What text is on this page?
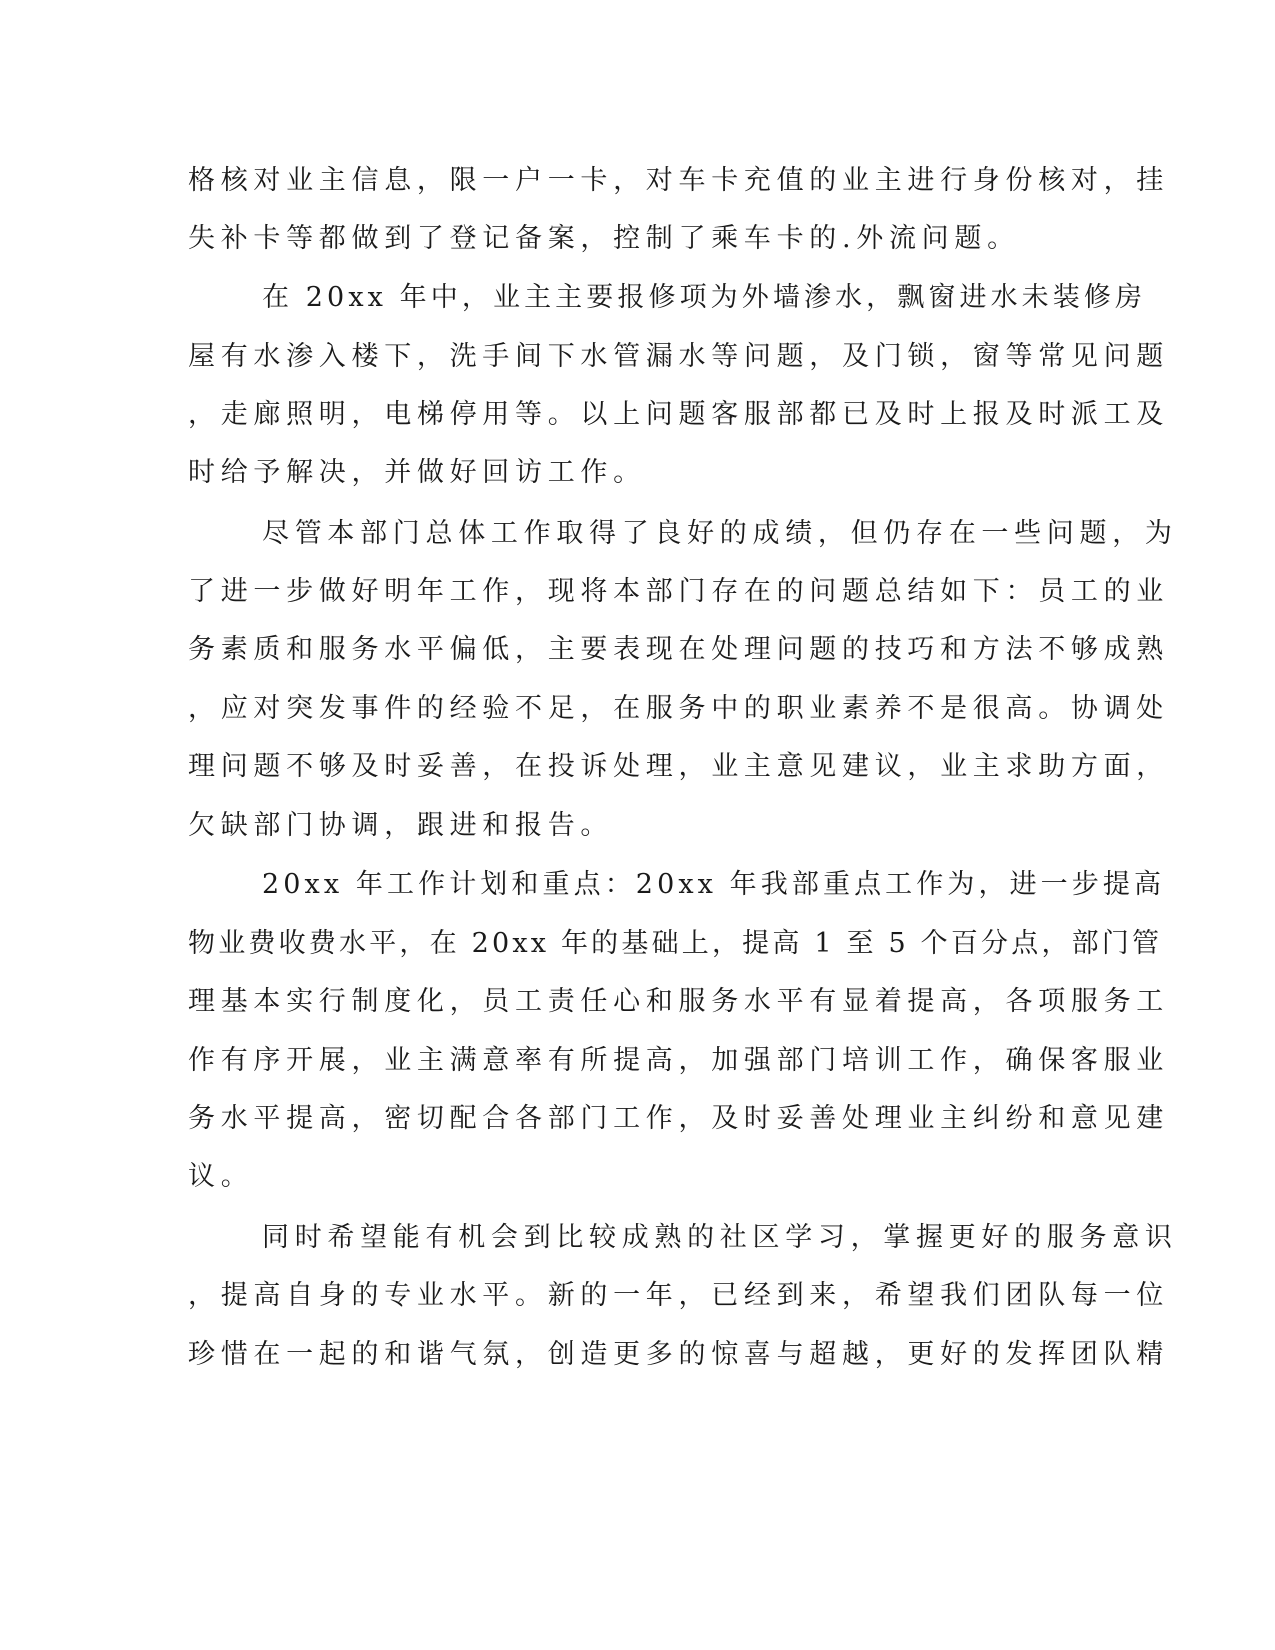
格核对业主信息，限一户一卡，对车卡充值的业主进行身份核对，挂
失补卡等都做到了登记备案，控制了乘车卡的.外流问题。
在 20xx 年中，业主主要报修项为外墙渗水，飘窗进水未装修房
屋有水渗入楼下，洗手间下水管漏水等问题，及门锁，窗等常见问题
，走廊照明，电梯停用等。以上问题客服部都已及时上报及时派工及
时给予解决，并做好回访工作。
尽管本部门总体工作取得了良好的成绩，但仍存在一些问题，为
了进一步做好明年工作，现将本部门存在的问题总结如下：员工的业
务素质和服务水平偏低，主要表现在处理问题的技巧和方法不够成熟
，应对突发事件的经验不足，在服务中的职业素养不是很高。协调处
理问题不够及时妥善，在投诉处理，业主意见建议，业主求助方面，
欠缺部门协调，跟进和报告。
20xx 年工作计划和重点：20xx 年我部重点工作为，进一步提高
物业费收费水平，在 20xx 年的基础上，提高 1 至 5 个百分点，部门管
理基本实行制度化，员工责任心和服务水平有显着提高，各项服务工
作有序开展，业主满意率有所提高，加强部门培训工作，确保客服业
务水平提高，密切配合各部门工作，及时妥善处理业主纠纷和意见建
议。
同时希望能有机会到比较成熟的社区学习，掌握更好的服务意识
，提高自身的专业水平。新的一年，已经到来，希望我们团队每一位
珍惜在一起的和谐气氛，创造更多的惊喜与超越，更好的发挥团队精
